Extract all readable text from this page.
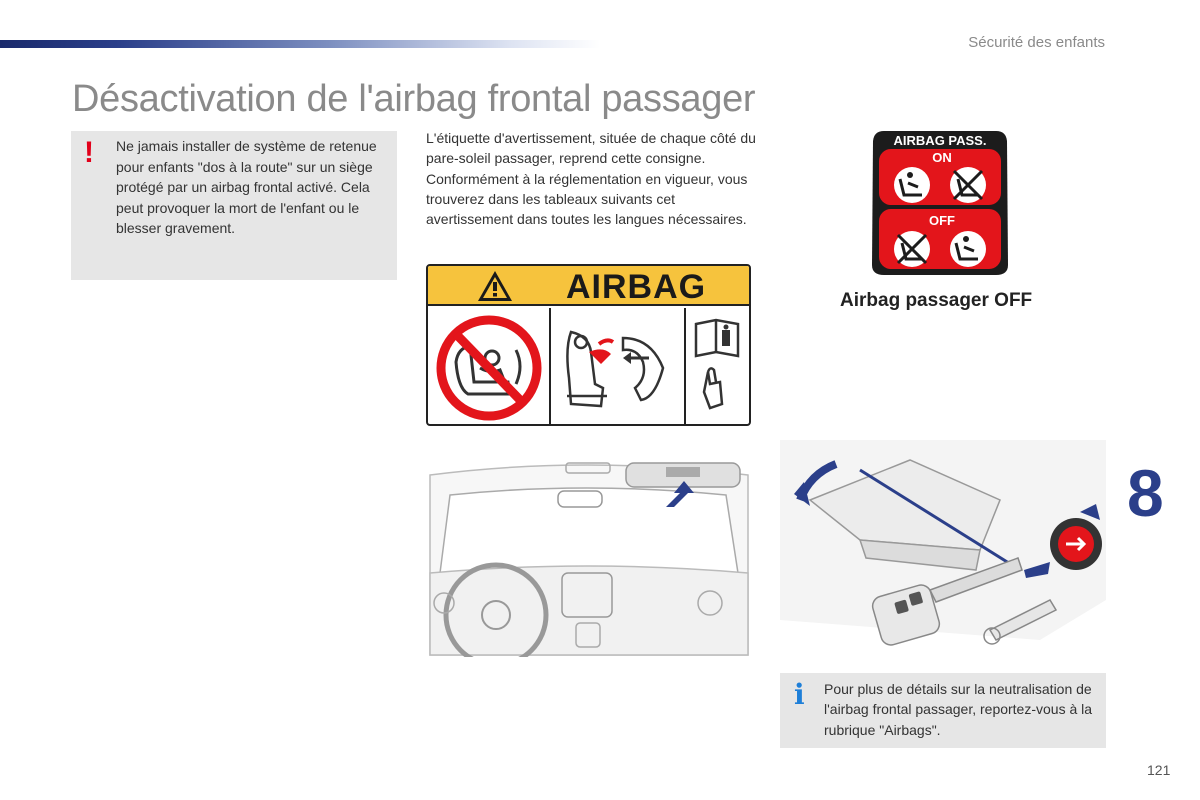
Sécurité des enfants
Désactivation de l'airbag frontal passager
! Ne jamais installer de système de retenue pour enfants "dos à la route" sur un siège protégé par un airbag frontal activé. Cela peut provoquer la mort de l'enfant ou le blesser gravement.

L'étiquette d'avertissement, située de chaque côté du pare-soleil passager, reprend cette consigne. Conformément à la réglementation en vigueur, vous trouverez dans les tableaux suivants cet avertissement dans toutes les langues nécessaires.

AIRBAG
AIRBAG PASS.
ON
OFF
Airbag passager OFF
8
i Pour plus de détails sur la neutralisation de l'airbag frontal passager, reportez-vous à la rubrique "Airbags".

121
